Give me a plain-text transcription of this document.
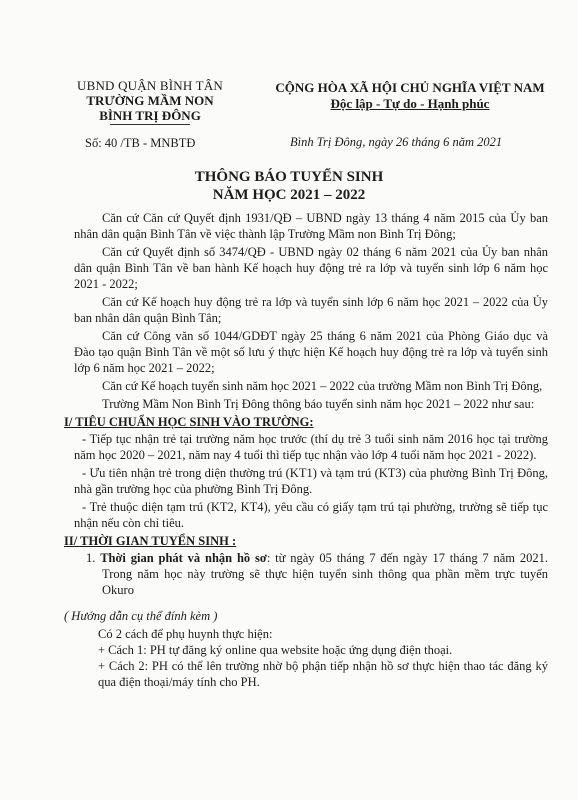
UBND QUẬN BÌNH TÂN
TRƯỜNG MẦM NON
BÌNH TRỊ ĐÔNG
CỘNG HÒA XÃ HỘI CHỦ NGHĨA VIỆT NAM
Độc lập - Tự do - Hạnh phúc
Số: 40 /TB - MNBTĐ	Bình Trị Đông, ngày 26 tháng 6 năm 2021
THÔNG BÁO TUYỂN SINH
NĂM HỌC 2021 – 2022

Căn cứ Căn cứ Quyết định 1931/QĐ – UBND ngày 13 tháng 4 năm 2015 của Ủy ban nhân dân quận Bình Tân về việc thành lập Trường Mầm non Bình Trị Đông;

Căn cứ Quyết định số 3474/QĐ - UBND ngày 02 tháng 6 năm 2021 của Ủy ban nhân dân quận Bình Tân về ban hành Kế hoạch huy động trẻ ra lớp và tuyển sinh lớp 6 năm học 2021 - 2022;

Căn cứ Kế hoạch huy động trẻ ra lớp và tuyển sinh lớp 6 năm học 2021 – 2022 của Ủy ban nhân dân quận Bình Tân;

Căn cứ Công văn số 1044/GDĐT ngày 25 tháng 6 năm 2021 của Phòng Giáo dục và Đào tạo quận Bình Tân về một số lưu ý thực hiện Kế hoạch huy động trẻ ra lớp và tuyển sinh lớp 6 năm học 2021 – 2022;

Căn cứ Kế hoạch tuyển sinh năm học 2021 – 2022 của trường Mầm non Bình Trị Đông,

Trường Mầm Non Bình Trị Đông thông báo tuyển sinh năm học 2021 – 2022 như sau:

I/ TIÊU CHUẨN HỌC SINH VÀO TRƯỜNG:
- Tiếp tục nhận trẻ tại trường năm học trước (thí dụ trẻ 3 tuổi sinh năm 2016 học tại trường năm học 2020 – 2021, năm nay 4 tuổi thì tiếp tục nhận vào lớp 4 tuổi năm học 2021 - 2022).
- Ưu tiên nhận trẻ trong diện thường trú (KT1) và tạm trú (KT3) của phường Bình Trị Đông, nhà gần trường học của phường Bình Trị Đông.
- Trẻ thuộc diện tạm trú (KT2, KT4), yêu cầu có giấy tạm trú tại phường, trường sẽ tiếp tục nhận nếu còn chỉ tiêu.
II/ THỜI GIAN TUYỂN SINH :
1. Thời gian phát và nhận hồ sơ: từ ngày 05 tháng 7 đến ngày 17 tháng 7 năm 2021. Trong năm học này trường sẽ thực hiện tuyển sinh thông qua phần mềm trực tuyến Okuro
( Hướng dẫn cụ thể đính kèm )
Có 2 cách để phụ huynh thực hiện:
+ Cách 1: PH tự đăng ký online qua website hoặc ứng dụng điện thoại.
+ Cách 2: PH có thể lên trường nhờ bộ phận tiếp nhận hồ sơ thực hiện thao tác đăng ký qua điện thoại/máy tính cho PH.
